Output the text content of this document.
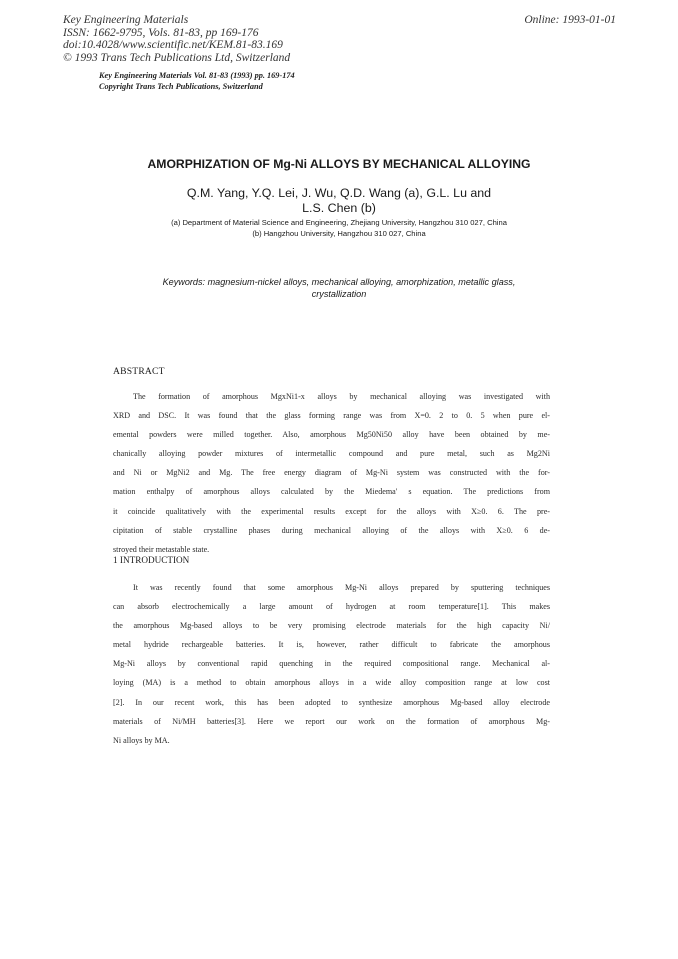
Key Engineering Materials
ISSN: 1662-9795, Vols. 81-83, pp 169-176
doi:10.4028/www.scientific.net/KEM.81-83.169
© 1993 Trans Tech Publications Ltd, Switzerland
Online: 1993-01-01
Key Engineering Materials Vol. 81-83 (1993) pp. 169-174
Copyright Trans Tech Publications, Switzerland
AMORPHIZATION OF Mg-Ni ALLOYS BY MECHANICAL ALLOYING
Q.M. Yang, Y.Q. Lei, J. Wu, Q.D. Wang (a), G.L. Lu and
L.S. Chen (b)
(a) Department of Material Science and Engineering, Zhejiang University, Hangzhou 310 027, China
(b) Hangzhou University, Hangzhou 310 027, China
Keywords: magnesium-nickel alloys, mechanical alloying, amorphization, metallic glass,
crystallization
ABSTRACT
The formation of amorphous MgxNi1-x alloys by mechanical alloying was investigated with
XRD and DSC. It was found that the glass forming range was from X=0. 2 to 0. 5 when pure el-
emental powders were milled together. Also, amorphous Mg50Ni50 alloy have been obtained by me-
chanically alloying powder mixtures of intermetallic compound and pure metal, such as Mg2Ni
and Ni or MgNi2 and Mg. The free energy diagram of Mg-Ni system was constructed with the for-
mation enthalpy of amorphous alloys calculated by the Miedema' s equation. The predictions from
it coincide qualitatively with the experimental results except for the alloys with X≥0. 6. The pre-
cipitation of stable crystalline phases during mechanical alloying of the alloys with X≥0. 6 de-
stroyed their metastable state.
1 INTRODUCTION
It was recently found that some amorphous Mg-Ni alloys prepared by sputtering techniques
can absorb electrochemically a large amount of hydrogen at room temperature[1]. This makes
the amorphous Mg-based alloys to be very promising electrode materials for the high capacity Ni/
metal hydride rechargeable batteries. It is, however, rather difficult to fabricate the amorphous
Mg-Ni alloys by conventional rapid quenching in the required compositional range. Mechanical al-
loying (MA) is a method to obtain amorphous alloys in a wide alloy composition range at low cost
[2]. In our recent work, this has been adopted to synthesize amorphous Mg-based alloy electrode
materials of Ni/MH batteries[3]. Here we report our work on the formation of amorphous Mg-
Ni alloys by MA.
